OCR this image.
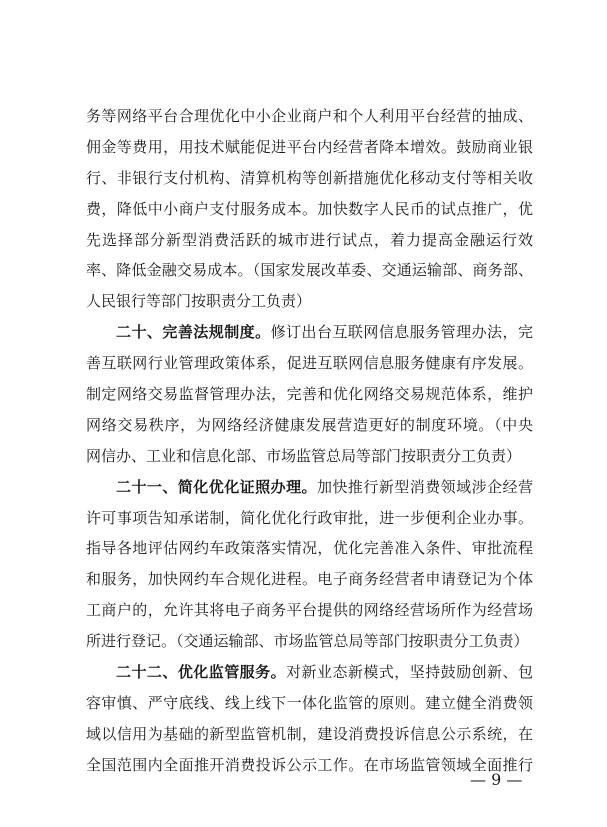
务等网络平台合理优化中小企业商户和个人利用平台经营的抽成、
佣金等费用，用技术赋能促进平台内经营者降本增效。鼓励商业银
行、非银行支付机构、清算机构等创新措施优化移动支付等相关收
费，降低中小商户支付服务成本。加快数字人民币的试点推广，优
先选择部分新型消费活跃的城市进行试点，着力提高金融运行效
率、降低金融交易成本。（国家发展改革委、交通运输部、商务部、
人民银行等部门按职责分工负责）
二十、完善法规制度。修订出台互联网信息服务管理办法，完
善互联网行业管理政策体系，促进互联网信息服务健康有序发展。
制定网络交易监督管理办法，完善和优化网络交易规范体系，维护
网络交易秩序，为网络经济健康发展营造更好的制度环境。（中央
网信办、工业和信息化部、市场监管总局等部门按职责分工负责）
二十一、简化优化证照办理。加快推行新型消费领域涉企经营
许可事项告知承诺制，简化优化行政审批，进一步便利企业办事。
指导各地评估网约车政策落实情况，优化完善准入条件、审批流程
和服务，加快网约车合规化进程。电子商务经营者申请登记为个体
工商户的，允许其将电子商务平台提供的网络经营场所作为经营场
所进行登记。（交通运输部、市场监管总局等部门按职责分工负责）
二十二、优化监管服务。对新业态新模式，坚持鼓励创新、包
容审慎、严守底线、线上线下一体化监管的原则。建立健全消费领
域以信用为基础的新型监管机制，建设消费投诉信息公示系统，在
全国范围内全面推开消费投诉公示工作。在市场监管领域全面推行
— 9 —
